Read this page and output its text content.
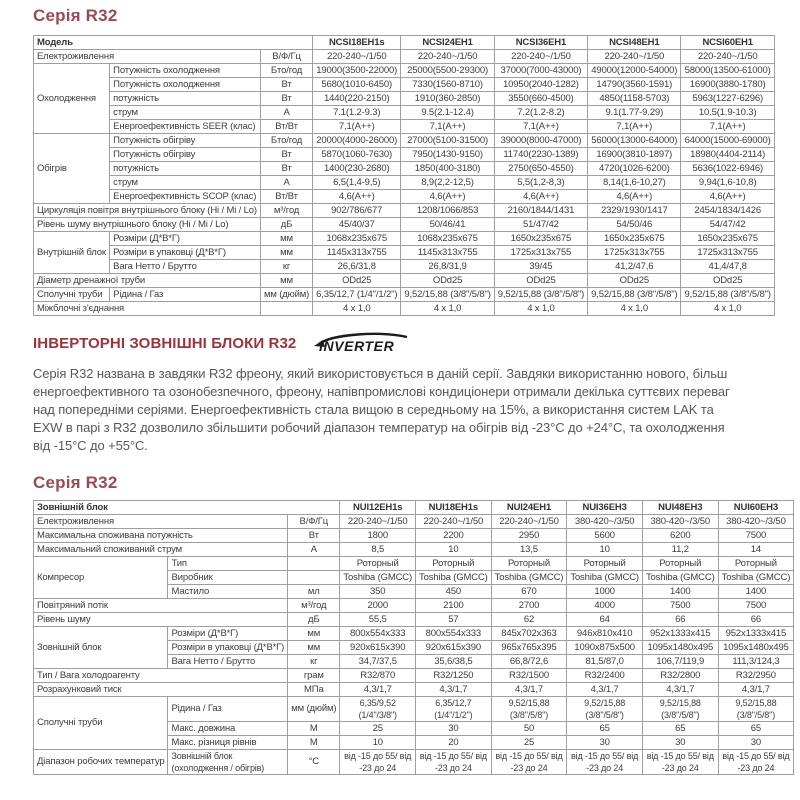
Серія R32
Модель			NCSI18EH1s	NCSI24EH1	NCSI36EH1	NCSI48EH1	NCSI60EH1
Електроживлення		В/Ф/Гц	220-240~/1/50	220-240~/1/50	220-240~/1/50	220-240~/1/50	220-240~/1/50
Охолодження	Потужність охолодження	Бто/год	19000(3500-22000)	25000(5500-29300)	37000(7000-43000)	49000(12000-54000)	58000(13500-61000)
	Потужність охолодження	Вт	5680(1010-6450)	7330(1560-8710)	10950(2040-1282)	14790(3560-1591)	16900(3880-1780)
	потужність	Вт	1440(220-2150)	1910(360-2850)	3550(660-4500)	4850(1158-5703)	5963(1227-6296)
	струм	А	7.1(1.2-9.3)	9.5(2.1-12.4)	7.2(1.2-8.2)	9.1(1.77-9.29)	10.5(1.9-10.3)
	Енергоефективність SEER (клас)	Вт/Вт	7,1(A++)	7,1(A++)	7,1(A++)	7,1(A++)	7,1(A++)
Обігрів	Потужність обігріву	Бто/год	20000(4000-26000)	27000(5100-31500)	39000(8000-47000)	56000(13000-64000)	64000(15000-69000)
	Потужність обігріву	Вт	5870(1060-7630)	7950(1430-9150)	11740(2230-1389)	16900(3810-1897)	18980(4404-2114)
	потужність	Вт	1400(230-2680)	1850(400-3180)	2750(650-4550)	4720(1026-6200)	5636(1022-6946)
	струм	А	6,5(1,4-9,5)	8,9(2,2-12,5)	5,5(1,2-8,3)	8,14(1,6-10,27)	9,94(1,6-10,8)
	Енергоефективність SCOP (клас)	Вт/Вт	4,6(A++)	4,6(A++)	4,6(A++)	4,6(A++)	4,6(A++)
Циркуляція повітря внутрішнього блоку (Hi / Mi / Lo)		м³/год	902/786/677	1208/1066/853	2160/1844/1431	2329/1930/1417	2454/1834/1426
Рівень шуму внутрішнього блоку (Hi / Mi / Lo)		дБ	45/40/37	50/46/41	51/47/42	54/50/46	54/47/42
Внутрішній блок	Розміри (Д*В*Г)	мм	1068x235x675	1068x235x675	1650x235x675	1650x235x675	1650x235x675
	Розміри в упаковці (Д*В*Г)	мм	1145x313x755	1145x313x755	1725x313x755	1725x313x755	1725x313x755
	Вага Нетто / Брутто	кг	26,6/31,8	26,8/31,9	39/45	41,2/47,6	41,4/47,8
Діаметр дренажної труби		мм	ODd25	ODd25	ODd25	ODd25	ODd25
Сполучні труби	Рідина / Газ	мм (дюйм)	6,35/12,7 (1/4"/1/2")	9,52/15,88 (3/8"/5/8")	9,52/15,88 (3/8"/5/8")	9,52/15,88 (3/8"/5/8")	9,52/15,88 (3/8"/5/8")
Міжблочні з'єднання			4 x 1,0	4 x 1,0	4 x 1,0	4 x 1,0	4 x 1,0
ІНВЕРТОРНІ ЗОВНІШНІ БЛОКИ R32 INVERTER

Серія R32 названа в завдяки R32 фреону, який використовується в даній серії. Завдяки використанню нового, більш енергоефективного та озонобезпечного, фреону, напівпромислові кондиціонери отримали декілька суттєвих переваг над попередніми серіями. Енергоефективність стала вищою в середньому на 15%, а використання систем LAK та EXW в парі з R32 дозволило збільшити робочий діапазон температур на обігрів від -23°С до +24°С, та охолодження від -15°С до +55°С.

Серія R32
Зовнішній блок			NUI12EH1s	NUI18EH1s	NUI24EH1	NUI36EH3	NUI48EH3	NUI60EH3
Електроживлення		В/Ф/Гц	220-240~/1/50	220-240~/1/50	220-240~/1/50	380-420~/3/50	380-420~/3/50	380-420~/3/50
Максимальна споживана потужність		Вт	1800	2200	2950	5600	6200	7500
Максимальний споживаний струм		А	8,5	10	13,5	10	11,2	14
Компресор	Тип		Роторный	Роторный	Роторный	Роторный	Роторный	Роторный
	Виробник		Toshiba (GMCC)	Toshiba (GMCC)	Toshiba (GMCC)	Toshiba (GMCC)	Toshiba (GMCC)	Toshiba (GMCC)
	Мастило	мл	350	450	670	1000	1400	1400
Повітряний потік		м³/год	2000	2100	2700	4000	7500	7500
Рівень шуму		дБ	55,5	57	62	64	66	66
Зовнішній блок	Розміри (Д*В*Г)	мм	800x554x333	800x554x333	845x702x363	946x810x410	952x1333x415	952x1333x415
	Розміри в упаковці (Д*В*Г)	мм	920x615x390	920x615x390	965x765x395	1090x875x500	1095x1480x495	1095x1480x495
	Вага Нетто / Брутто	кг	34,7/37,5	35,6/38,5	66,8/72,6	81,5/87,0	106,7/119,9	111,3/124,3
Тип / Вага холодоагенту		грам	R32/870	R32/1250	R32/1500	R32/2400	R32/2800	R32/2950
Розрахунковий тиск		МПа	4,3/1,7	4,3/1,7	4,3/1,7	4,3/1,7	4,3/1,7	4,3/1,7
Сполучні труби	Рідина / Газ	мм (дюйм)	6,35/9,52 (1/4"/3/8")	6,35/12,7 (1/4"/1/2")	9,52/15,88 (3/8"/5/8")	9,52/15,88 (3/8"/5/8")	9,52/15,88 (3/8"/5/8")	9,52/15,88 (3/8"/5/8")
	Макс. довжина	М	25	30	50	65	65	65
	Макс. різниця рівнів	М	10	20	25	30	30	30
Діапазон робочих температур	Зовнішній блок (охолодження / обігрів)	°С	від -15 до 55/ від -23 до 24	від -15 до 55/ від -23 до 24	від -15 до 55/ від -23 до 24	від -15 до 55/ від -23 до 24	від -15 до 55/ від -23 до 24	від -15 до 55/ від -23 до 24
